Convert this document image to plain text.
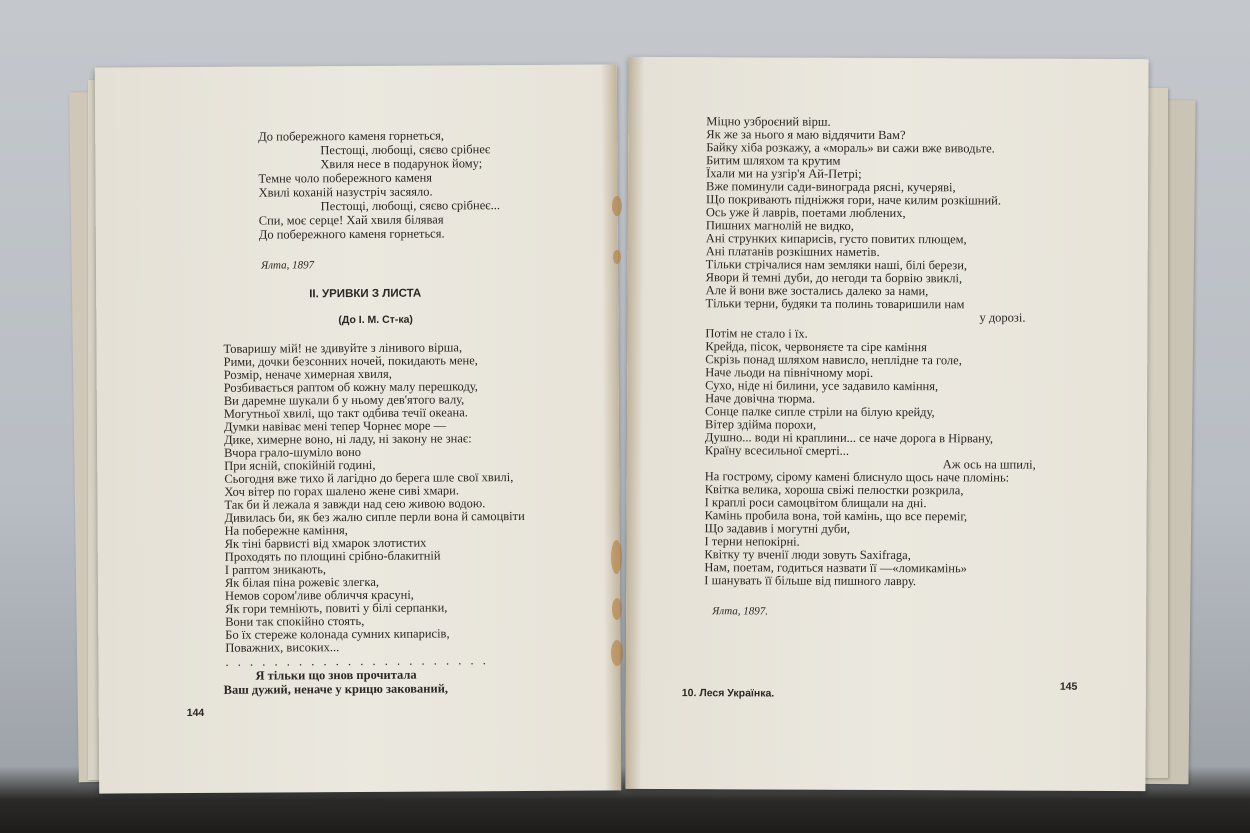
До побережного каменя горнеться,
Пестощі, любощі, сяєво срібнеє
Хвиля несе в подарунок йому;
Темне чоло побережного каменя
Хвилі коханій назустріч засяяло.
Пестощі, любощі, сяєво срібнеє...
Спи, моє серце! Хай хвиля білявая
До побережного каменя горнеться.
Ялта, 1897
II. УРИВКИ З ЛИСТА
(До І. М. Ст-ка)
Товаришу мій! не здивуйте з лінивого вірша,
Рими, дочки безсонних ночей, покидають мене,
Розмір, неначе химерная хвиля,
Розбивається раптом об кожну малу перешкоду,
Ви даремне шукали б у ньому дев'ятого валу,
Могутньої хвилі, що такт одбива течії океана.
Думки навіває мені тепер Чорнеє море —
Дике, химерне воно, ні ладу, ні закону не знає:
Вчора грало-шуміло воно
При ясній, спокійній годині,
Сьогодня вже тихо й лагідно до берега шле свої хвилі,
Хоч вітер по горах шалено жене сиві хмари.
Так би й лежала я завжди над сею живою водою.
Дивилась би, як без жалю сипле перли вона й самоцвіти
На побережне каміння,
Як тіні барвисті від хмарок злотистих
Проходять по площині срібно-блакитній
І раптом зникають,
Як білая піна рожевіє злегка,
Немов сором'ливе обличчя красуні,
Як гори темніють, повиті у білі серпанки,
Вони так спокійно стоять,
Бо їх стереже колонада сумних кипарисів,
Поважних, високих...
. . . . . . . . . . . . . . . . . . . . . .
Я тільки що знов прочитала
Ваш дужий, неначе у крицю закований,
144
Міцно узброєний вірш.
Як же за нього я маю віддячити Вам?
Байку хіба розкажу, а «мораль» ви сажи вже виводьте.
Битим шляхом та крутим
Їхали ми на узгір'я Ай-Петрі;
Вже поминули сади-винограда рясні, кучеряві,
Що покривають підніжжя гори, наче килим розкішний.
Ось уже й лаврів, поетами люблених,
Пишних магнолій не видко,
Ані струнких кипарисів, густо повитих плющем,
Ані платанів розкішних наметів.
Тільки стрічалися нам земляки наші, білі берези,
Явори й темні дуби, до негоди та борвію звиклі,
Але й вони вже зостались далеко за нами,
Тільки терни, будяки та полинь товаришили нам
у дорозі.
Потім не стало і їх.
Крейда, пісок, червоняєте та сіре каміння
Скрізь понад шляхом нависло, неплідне та голе,
Наче льоди на північному морі.
Сухо, ніде ні билини, усе задавило каміння,
Наче довічна тюрма.
Сонце палке сипле стріли на білую крейду,
Вітер здійма порохи,
Душно... води ні краплини... се наче дорога в Нірвану,
Країну всесильної смерті...
Аж ось на шпилі,
На гострому, сірому камені блиснуло щось наче пломінь:
Квітка велика, хороша свіжі пелюстки розкрила,
І краплі роси самоцвітом блищали на дні.
Камінь пробила вона, той камінь, що все переміг,
Що задавив і могутні дуби,
І терни непокірні.
Квітку ту вченії люди зовуть Saxifraga,
Нам, поетам, годиться назвати її —«ломикамінь»
І шанувать її більше від пишного лавру.
Ялта, 1897.
10. Леся Українка.
145
